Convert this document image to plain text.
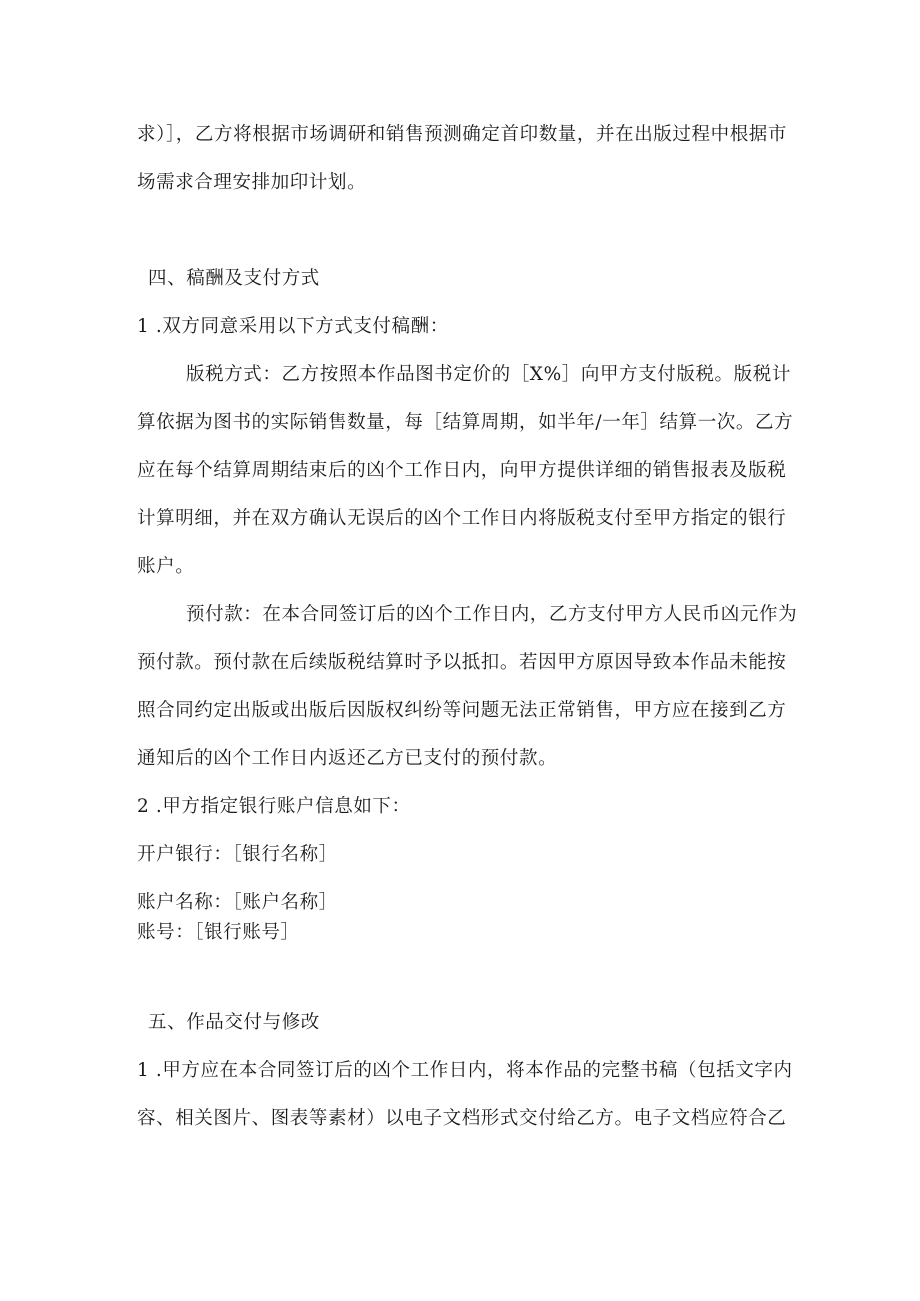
求）］，乙方将根据市场调研和销售预测确定首印数量，并在出版过程中根据市
场需求合理安排加印计划。
四、稿酬及支付方式
1 .双方同意采用以下方式支付稿酬：
版税方式：乙方按照本作品图书定价的［X%］向甲方支付版税。版税计
算依据为图书的实际销售数量，每［结算周期，如半年/一年］结算一次。乙方
应在每个结算周期结束后的凶个工作日内，向甲方提供详细的销售报表及版税
计算明细，并在双方确认无误后的凶个工作日内将版税支付至甲方指定的银行
账户。
预付款：在本合同签订后的凶个工作日内，乙方支付甲方人民币凶元作为
预付款。预付款在后续版税结算时予以抵扣。若因甲方原因导致本作品未能按
照合同约定出版或出版后因版权纠纷等问题无法正常销售，甲方应在接到乙方
通知后的凶个工作日内返还乙方已支付的预付款。
2 .甲方指定银行账户信息如下：
开户银行：［银行名称］
账户名称：［账户名称］
账号：［银行账号］
五、作品交付与修改
1 .甲方应在本合同签订后的凶个工作日内，将本作品的完整书稿（包括文字内
容、相关图片、图表等素材）以电子文档形式交付给乙方。电子文档应符合乙
